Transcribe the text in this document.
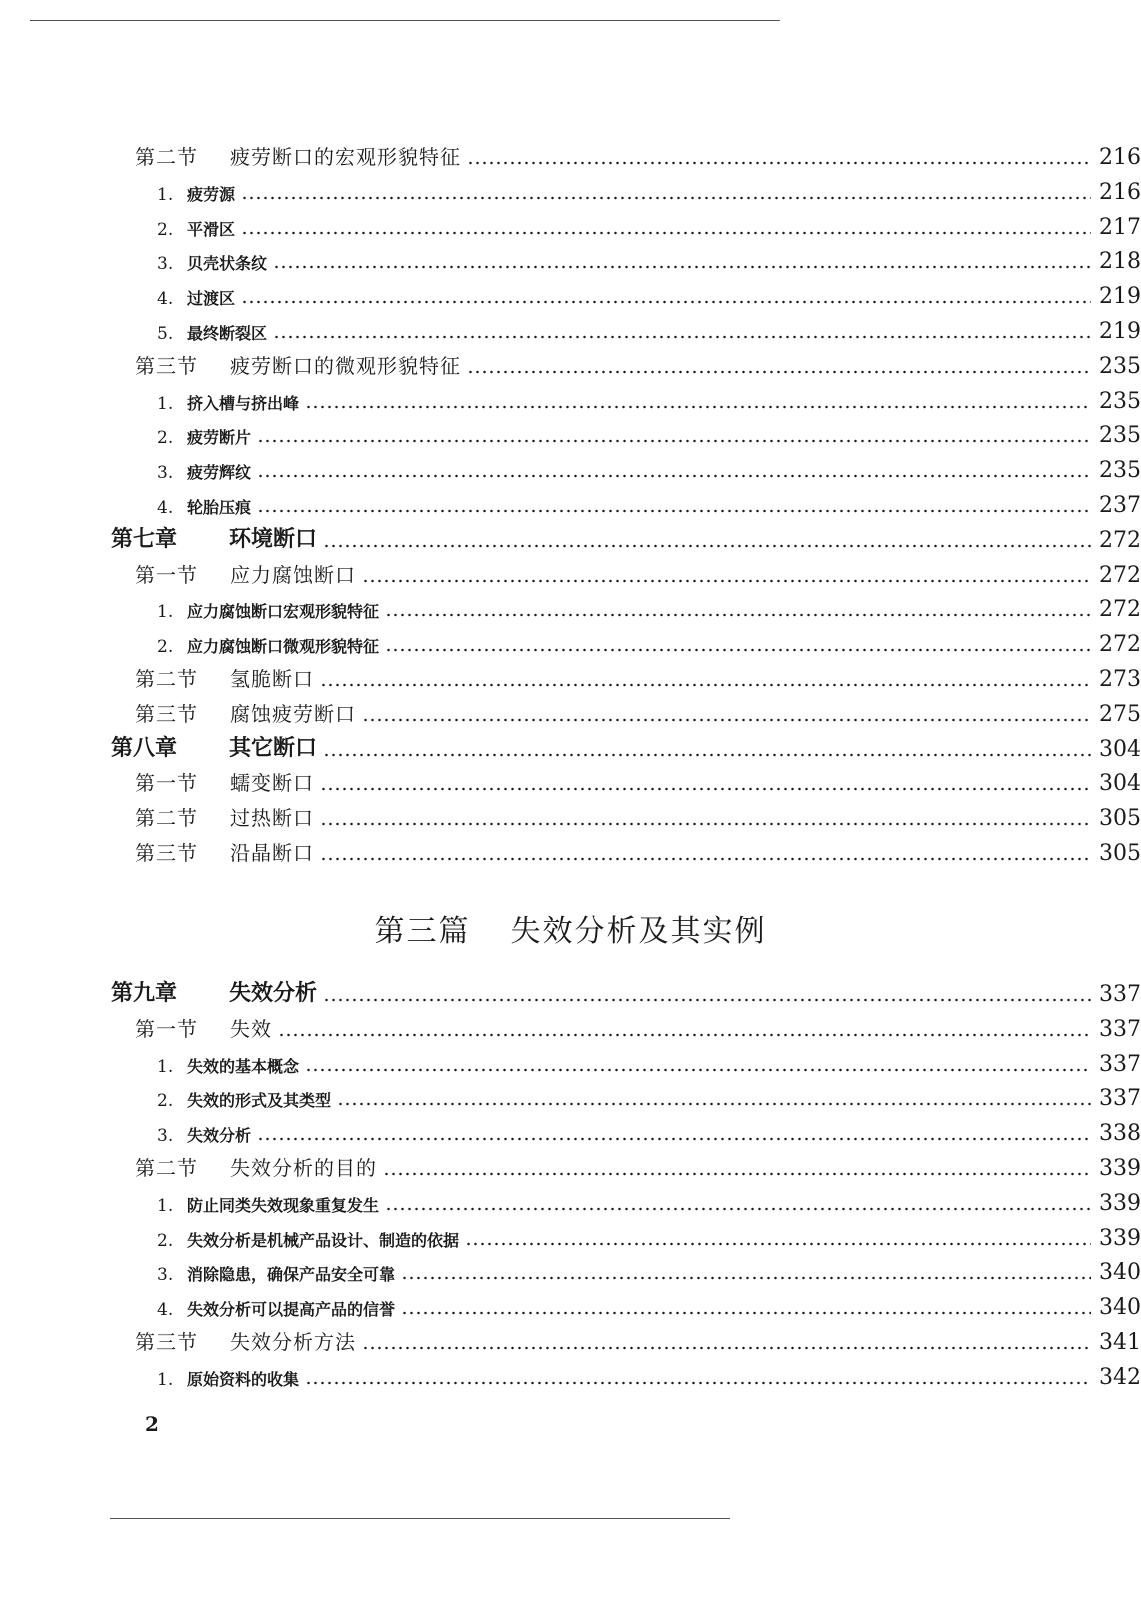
第二节 疲劳断口的宏观形貌特征	216
1. 疲劳源	216
2. 平滑区	217
3. 贝壳状条纹	218
4. 过渡区	219
5. 最终断裂区	219
第三节 疲劳断口的微观形貌特征	235
1. 挤入槽与挤出峰	235
2. 疲劳断片	235
3. 疲劳辉纹	235
4. 轮胎压痕	237
第七章 环境断口	272
第一节 应力腐蚀断口	272
1. 应力腐蚀断口宏观形貌特征	272
2. 应力腐蚀断口微观形貌特征	272
第二节 氢脆断口	273
第三节 腐蚀疲劳断口	275
第八章 其它断口	304
第一节 蠕变断口	304
第二节 过热断口	305
第三节 沿晶断口	305
第三篇 失效分析及其实例
第九章 失效分析	337
第一节 失效	337
1. 失效的基本概念	337
2. 失效的形式及其类型	337
3. 失效分析	338
第二节 失效分析的目的	339
1. 防止同类失效现象重复发生	339
2. 失效分析是机械产品设计、制造的依据	339
3. 消除隐患，确保产品安全可靠	340
4. 失效分析可以提高产品的信誉	340
第三节 失效分析方法	341
1. 原始资料的收集	342
2
